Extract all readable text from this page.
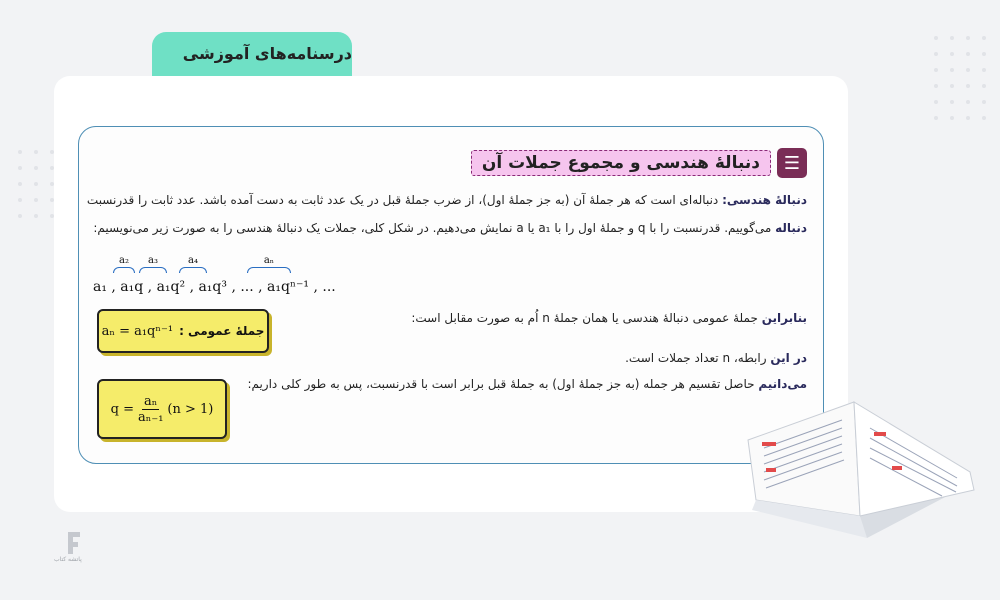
درسنامه‌های آموزشی
☰
دنبالهٔ هندسی و مجموع جملات آن
دنبالهٔ هندسی: دنباله‌ای است که هر جملهٔ آن (به جز جملهٔ اول)، از ضرب جملهٔ قبل در یک عدد ثابت به دست آمده باشد. عدد ثابت را قدرنسبت
دنباله می‌گوییم. قدرنسبت را با q و جملهٔ اول را با a₁ یا a نمایش می‌دهیم. در شکل کلی، جملات یک دنبالهٔ هندسی را به صورت زیر می‌نویسیم:
a₂	a₃	a₄	aₙ
a₁ , a₁q , a₁q² , a₁q³ , ... , a₁qⁿ⁻¹ , ...
بنابراین جملهٔ عمومی دنبالهٔ هندسی یا همان جملهٔ n اُم به صورت مقابل است:
aₙ = a₁qⁿ⁻¹ جملهٔ عمومی :
در این رابطه، n تعداد جملات است.
می‌دانیم حاصل تقسیم هر جمله (به جز جملهٔ اول) به جملهٔ قبل برابر است با قدرنسبت، پس به طور کلی داریم:
$q = \frac{\text{aₙ}}{\text{aₙ₋₁}} (n > 1)$
پاتشه کتاب
